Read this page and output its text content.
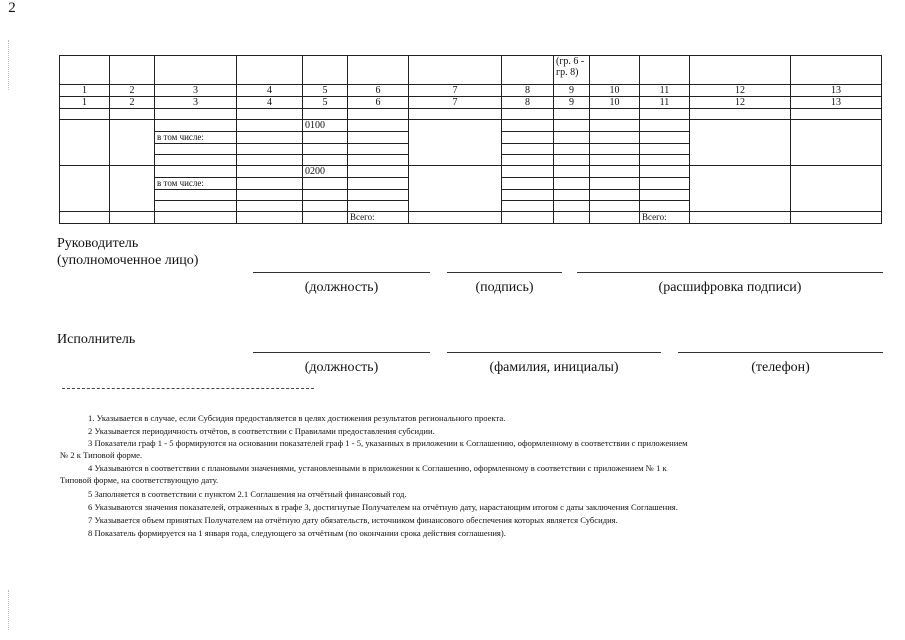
2
								(гр. 6 -
гр. 8)				
1	2	3	4	5	6	7	8	9	10	11	12	13
1	2	3	4	5	6	7	8	9	10	11	12	13

				0100								
		в том числе:										

				0200								
		в том числе:										

					Всего:					Всего:		
Руководитель
(уполномоченное лицо)
(должность)	(подпись)	(расшифровка подписи)
Исполнитель
(должность)	(фамилия, инициалы)	(телефон)
1. Указывается в случае, если Субсидия предоставляется в целях достижения результатов регионального проекта.
2 Указывается периодичность отчётов, в соответствии с Правилами предоставления субсидии.
3 Показатели граф 1 - 5 формируются на основании показателей граф 1 - 5, указанных в приложении к Соглашению, оформленному в соответствии с приложением
№ 2 к Типовой форме.
4 Указываются в соответствии с плановыми значениями, установленными в приложении к Соглашению, оформленному в соответствии с приложением № 1 к
Типовой форме, на соответствующую дату.
5 Заполняется в соответствии с пунктом 2.1 Соглашения на отчётный финансовый год.
6 Указываются значения показателей, отраженных в графе 3, достигнутые Получателем на отчётную дату, нарастающим итогом с даты заключения Соглашения.
7 Указывается объем принятых Получателем на отчётную дату обязательств, источником финансового обеспечения которых является Субсидия.
8 Показатель формируется на 1 января года, следующего за отчётным (по окончании срока действия соглашения).
